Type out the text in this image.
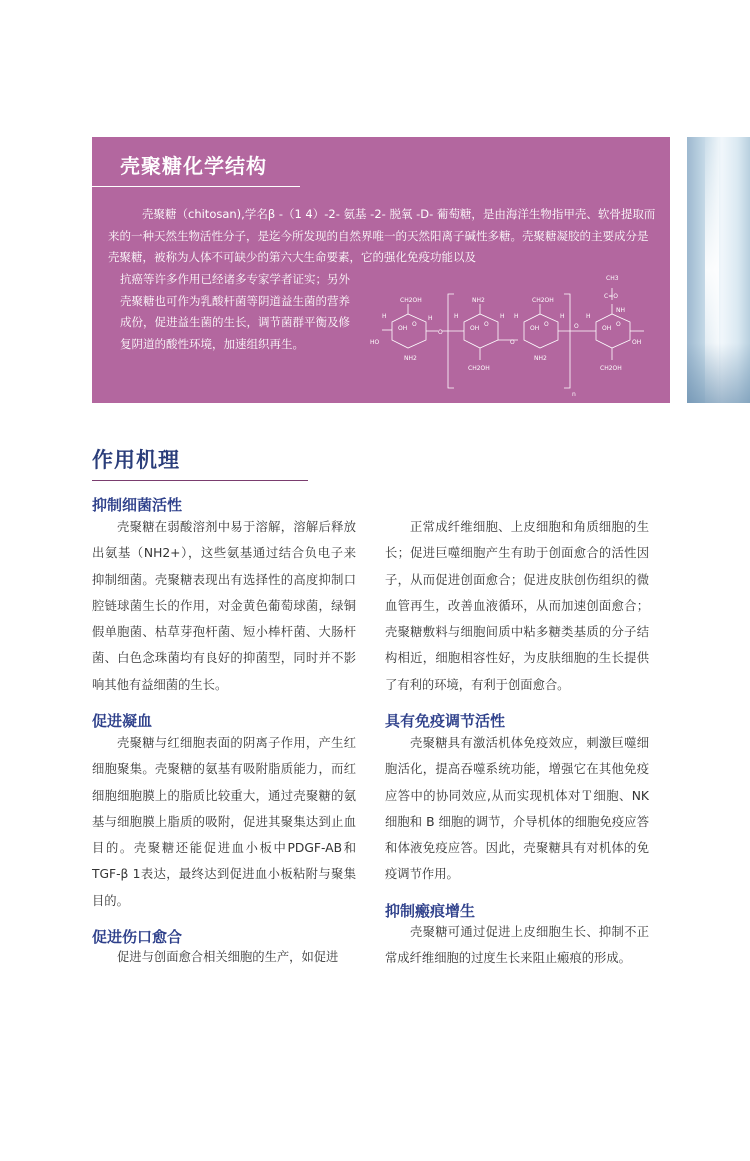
壳聚糖化学结构

壳聚糖（chitosan),学名β -（1 4）-2- 氨基 -2- 脱氧 -D- 葡萄糖，是由海洋生物指甲壳、软骨提取而来的一种天然生物活性分子，是迄今所发现的自然界唯一的天然阳离子碱性多糖。壳聚糖凝胶的主要成分是壳聚糖，被称为人体不可缺少的第六大生命要素，它的强化免疫功能以及

抗癌等许多作用已经诸多专家学者证实；另外壳聚糖也可作为乳酸杆菌等阴道益生菌的营养成份，促进益生菌的生长，调节菌群平衡及修复阴道的酸性环境，加速组织再生。

CH2OH
OH
O
HO
NH2
H	H
O
NH2
OH
O
CH2OH
H	H
O
CH2OH
OH
O
NH2
H	H
O
CH3
C=O
NH
OH
O
CH2OH
OH
H
n
作用机理
抑制细菌活性

壳聚糖在弱酸溶剂中易于溶解，溶解后释放出氨基（NH2+），这些氨基通过结合负电子来抑制细菌。壳聚糖表现出有选择性的高度抑制口腔链球菌生长的作用，对金黄色葡萄球菌，绿铜假单胞菌、枯草芽孢杆菌、短小棒杆菌、大肠杆菌、白色念珠菌均有良好的抑菌型，同时并不影响其他有益细菌的生长。

促进凝血

壳聚糖与红细胞表面的阴离子作用，产生红细胞聚集。壳聚糖的氨基有吸附脂质能力，而红细胞细胞膜上的脂质比较重大，通过壳聚糖的氨基与细胞膜上脂质的吸附，促进其聚集达到止血目的。壳聚糖还能促进血小板中PDGF-AB和TGF-β 1表达，最终达到促进血小板粘附与聚集目的。

促进伤口愈合

促进与创面愈合相关细胞的生产，如促进

正常成纤维细胞、上皮细胞和角质细胞的生长；促进巨噬细胞产生有助于创面愈合的活性因子，从而促进创面愈合；促进皮肤创伤组织的微血管再生，改善血液循环，从而加速创面愈合；壳聚糖敷料与细胞间质中粘多糖类基质的分子结构相近，细胞相容性好，为皮肤细胞的生长提供了有利的环境，有利于创面愈合。

具有免疫调节活性

壳聚糖具有激活机体免疫效应，刺激巨噬细胞活化，提高吞噬系统功能，增强它在其他免疫应答中的协同效应,从而实现机体对Ｔ细胞、NK 细胞和 B 细胞的调节，介导机体的细胞免疫应答和体液免疫应答。因此，壳聚糖具有对机体的免疫调节作用。

抑制瘢痕增生

壳聚糖可通过促进上皮细胞生长、抑制不正常成纤维细胞的过度生长来阻止瘢痕的形成。
